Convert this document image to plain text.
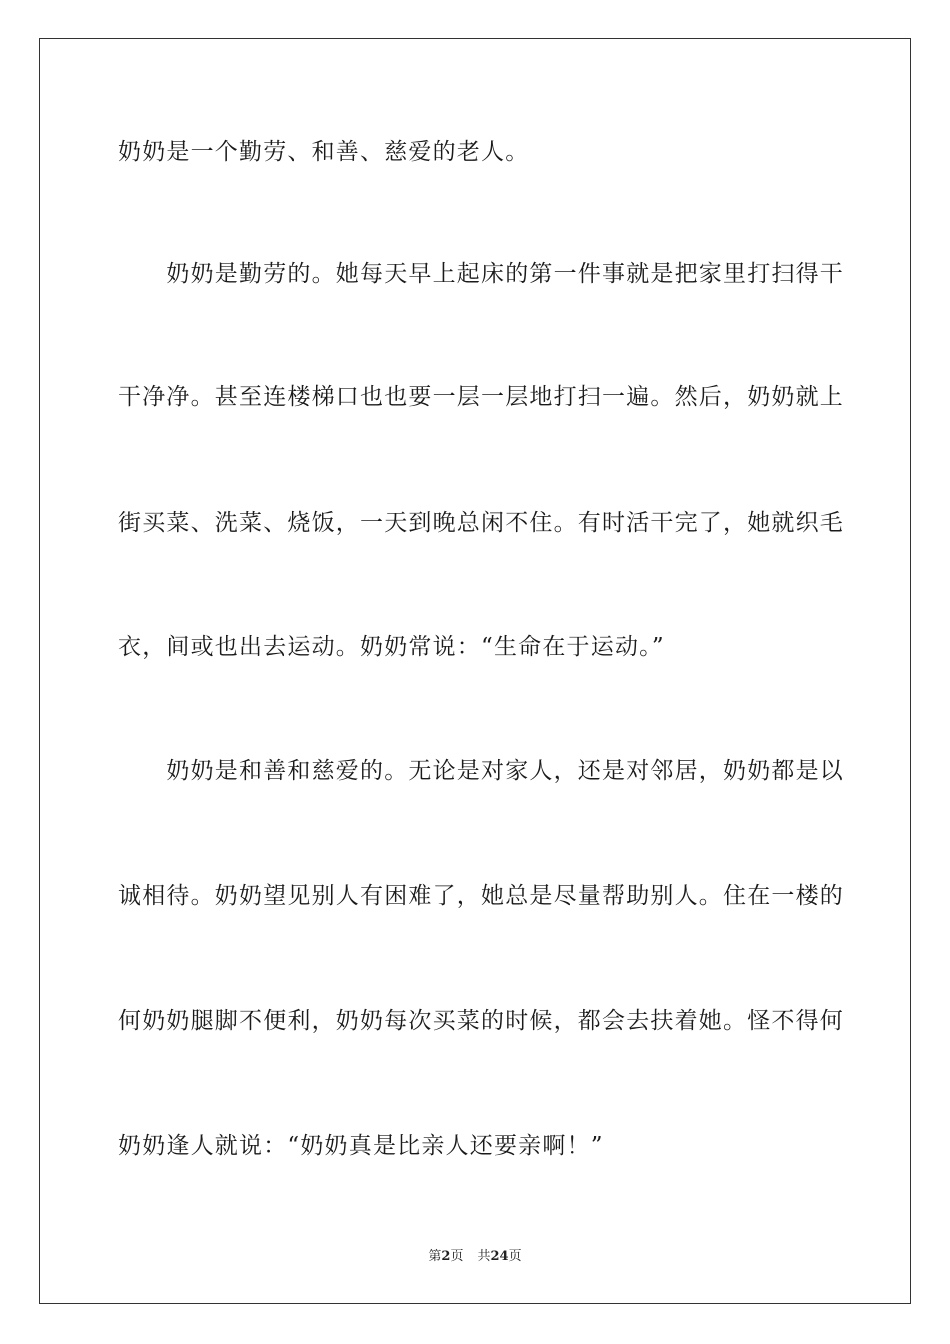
奶奶是一个勤劳、和善、慈爱的老人。
　　奶奶是勤劳的。她每天早上起床的第一件事就是把家里打扫得干
干净净。甚至连楼梯口也也要一层一层地打扫一遍。然后，奶奶就上
街买菜、洗菜、烧饭，一天到晚总闲不住。有时活干完了，她就织毛
衣，间或也出去运动。奶奶常说：“生命在于运动。”
　　奶奶是和善和慈爱的。无论是对家人，还是对邻居，奶奶都是以
诚相待。奶奶望见别人有困难了，她总是尽量帮助别人。住在一楼的
何奶奶腿脚不便利，奶奶每次买菜的时候，都会去扶着她。怪不得何
奶奶逢人就说：“奶奶真是比亲人还要亲啊！”
第2页 共24页
